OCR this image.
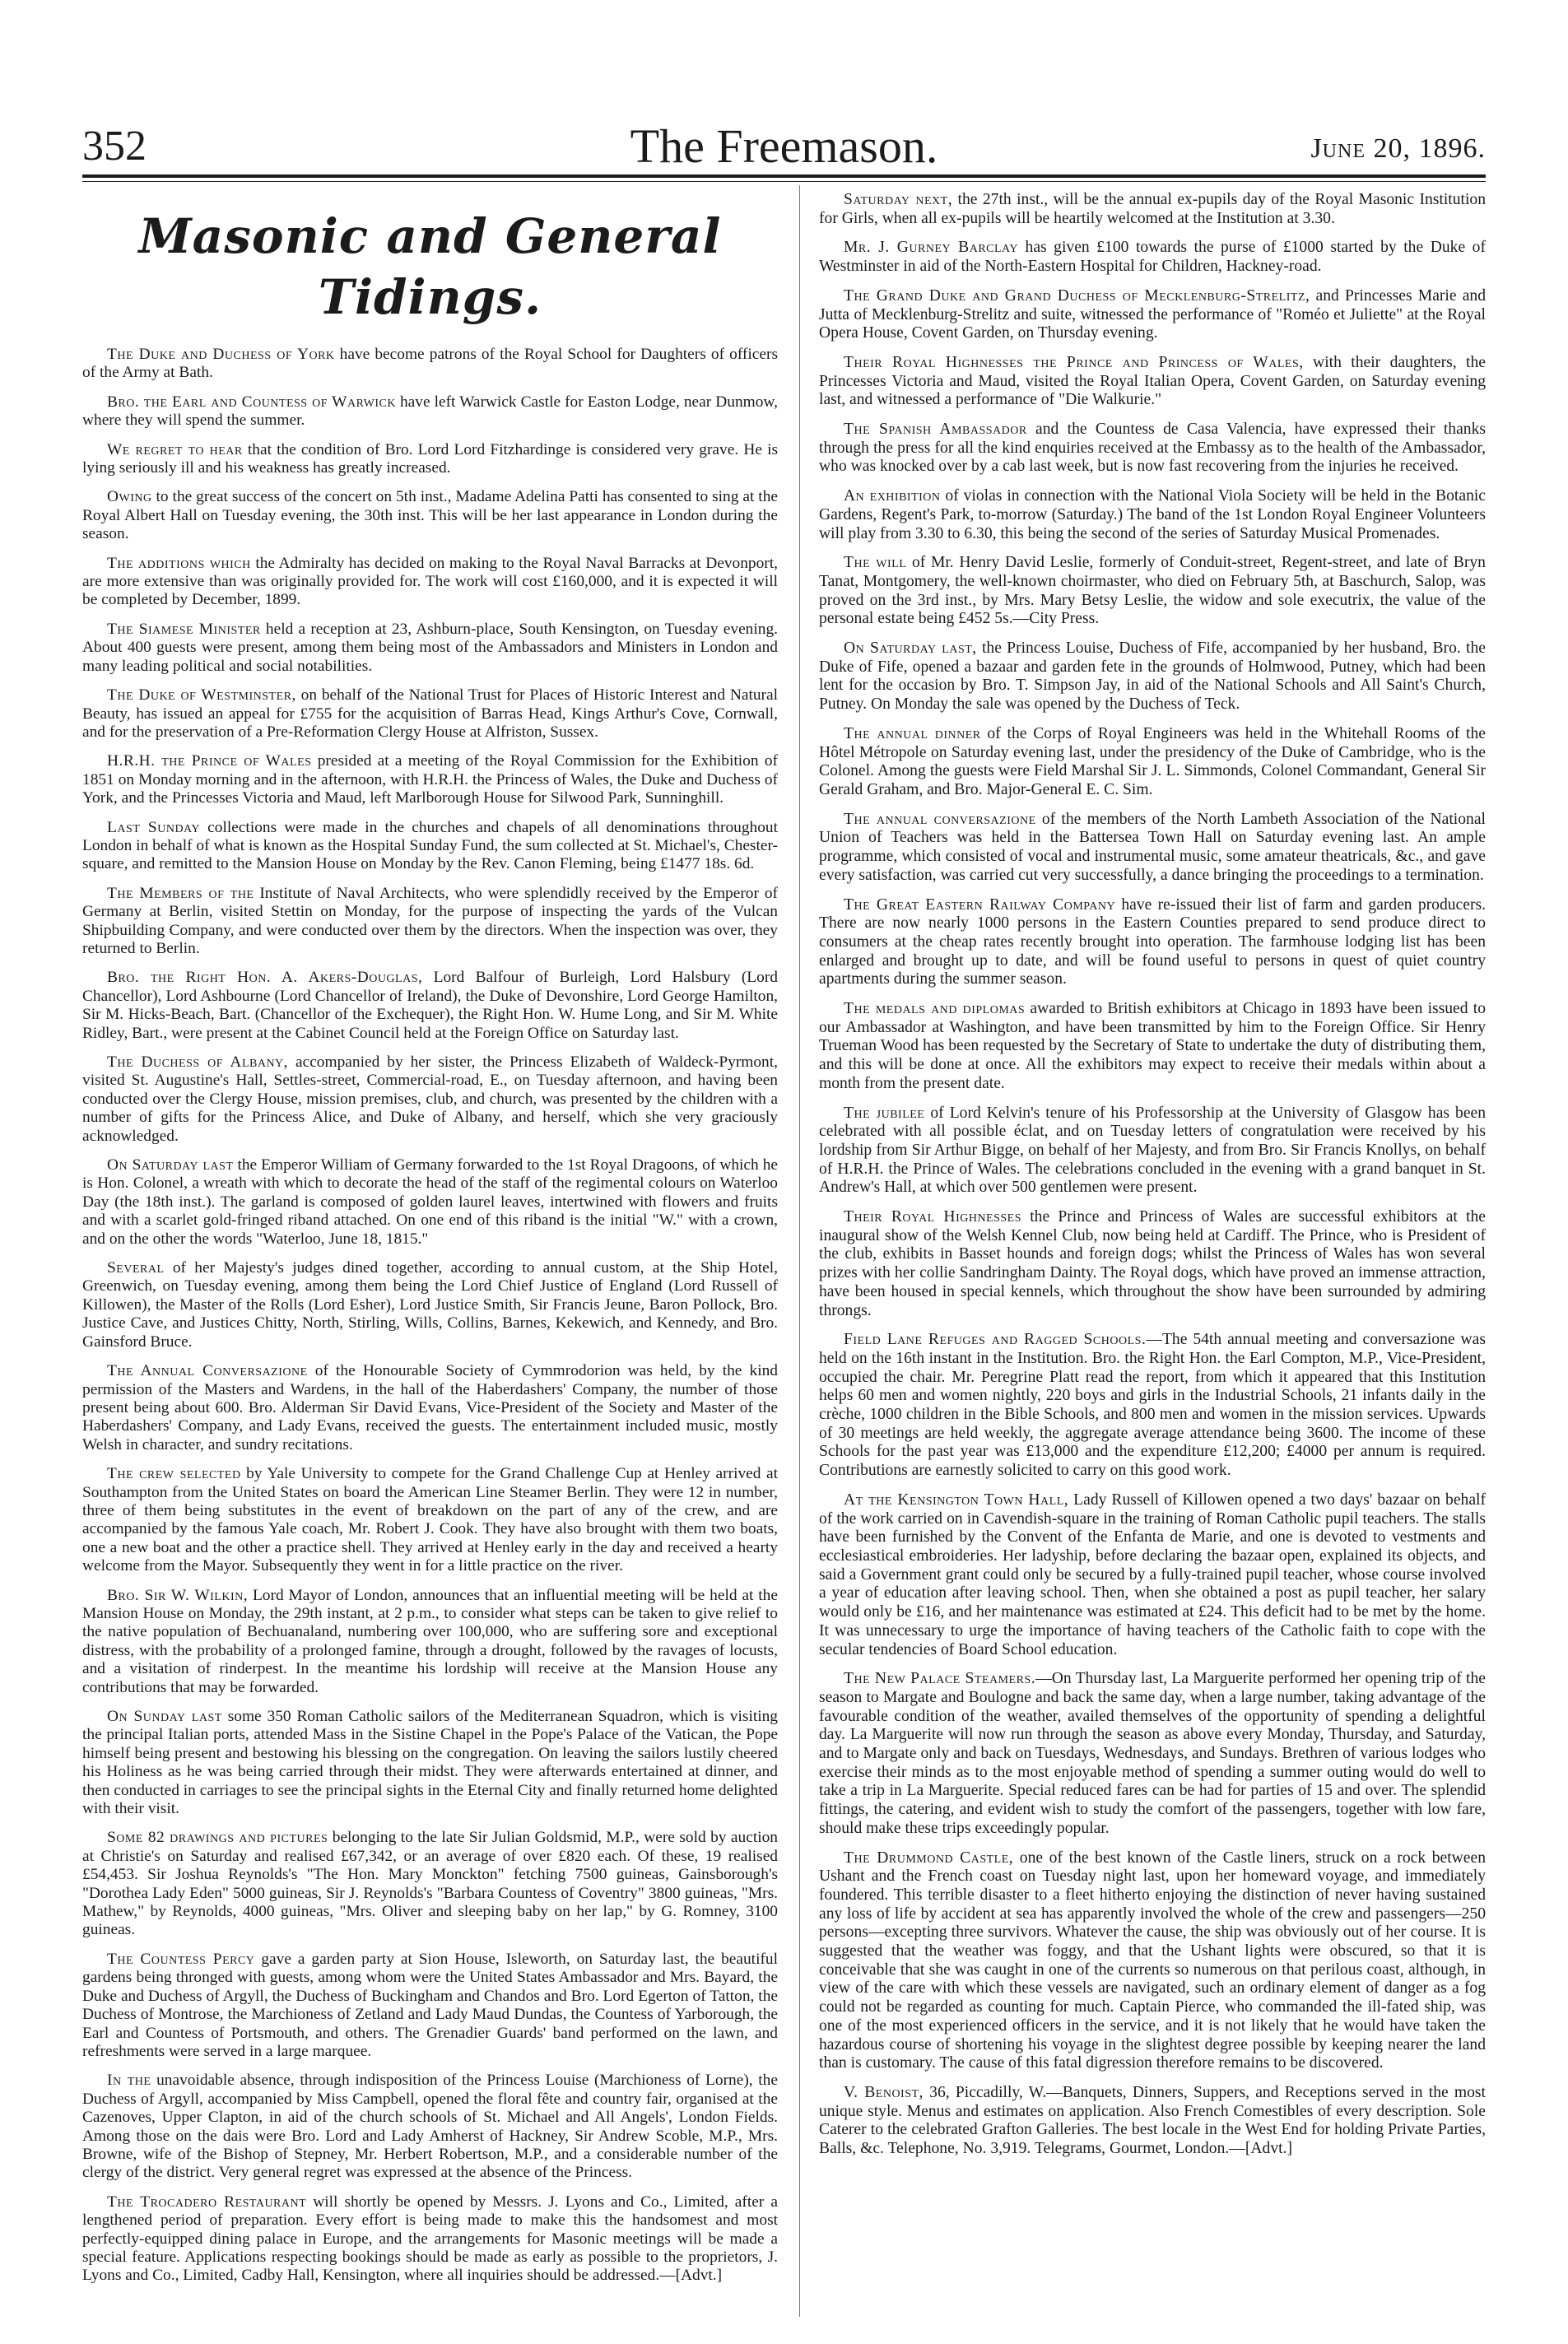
352	The Freemason.	June 20, 1896.
Masonic and General Tidings.

The Duke and Duchess of York have become patrons of the Royal School for Daughters of officers of the Army at Bath.

Bro. the Earl and Countess of Warwick have left Warwick Castle for Easton Lodge, near Dunmow, where they will spend the summer.

We regret to hear that the condition of Bro. Lord Lord Fitzhardinge is considered very grave. He is lying seriously ill and his weakness has greatly increased.

Owing to the great success of the concert on 5th inst., Madame Adelina Patti has consented to sing at the Royal Albert Hall on Tuesday evening, the 30th inst. This will be her last appearance in London during the season.

The additions which the Admiralty has decided on making to the Royal Naval Barracks at Devonport, are more extensive than was originally provided for. The work will cost £160,000, and it is expected it will be completed by December, 1899.

The Siamese Minister held a reception at 23, Ashburn-place, South Kensington, on Tuesday evening. About 400 guests were present, among them being most of the Ambassadors and Ministers in London and many leading political and social notabilities.

The Duke of Westminster, on behalf of the National Trust for Places of Historic Interest and Natural Beauty, has issued an appeal for £755 for the acquisition of Barras Head, Kings Arthur's Cove, Cornwall, and for the preservation of a Pre-Reformation Clergy House at Alfriston, Sussex.

H.R.H. the Prince of Wales presided at a meeting of the Royal Commission for the Exhibition of 1851 on Monday morning and in the afternoon, with H.R.H. the Princess of Wales, the Duke and Duchess of York, and the Princesses Victoria and Maud, left Marlborough House for Silwood Park, Sunninghill.

Last Sunday collections were made in the churches and chapels of all denominations throughout London in behalf of what is known as the Hospital Sunday Fund, the sum collected at St. Michael's, Chester-square, and remitted to the Mansion House on Monday by the Rev. Canon Fleming, being £1477 18s. 6d.

The Members of the Institute of Naval Architects, who were splendidly received by the Emperor of Germany at Berlin, visited Stettin on Monday, for the purpose of inspecting the yards of the Vulcan Shipbuilding Company, and were conducted over them by the directors. When the inspection was over, they returned to Berlin.

Bro. the Right Hon. A. Akers-Douglas, Lord Balfour of Burleigh, Lord Halsbury (Lord Chancellor), Lord Ashbourne (Lord Chancellor of Ireland), the Duke of Devonshire, Lord George Hamilton, Sir M. Hicks-Beach, Bart. (Chancellor of the Exchequer), the Right Hon. W. Hume Long, and Sir M. White Ridley, Bart., were present at the Cabinet Council held at the Foreign Office on Saturday last.

The Duchess of Albany, accompanied by her sister, the Princess Elizabeth of Waldeck-Pyrmont, visited St. Augustine's Hall, Settles-street, Commercial-road, E., on Tuesday afternoon, and having been conducted over the Clergy House, mission premises, club, and church, was presented by the children with a number of gifts for the Princess Alice, and Duke of Albany, and herself, which she very graciously acknowledged.

On Saturday last the Emperor William of Germany forwarded to the 1st Royal Dragoons, of which he is Hon. Colonel, a wreath with which to decorate the head of the staff of the regimental colours on Waterloo Day (the 18th inst.). The garland is composed of golden laurel leaves, intertwined with flowers and fruits and with a scarlet gold-fringed riband attached. On one end of this riband is the initial "W." with a crown, and on the other the words "Waterloo, June 18, 1815."

Several of her Majesty's judges dined together, according to annual custom, at the Ship Hotel, Greenwich, on Tuesday evening, among them being the Lord Chief Justice of England (Lord Russell of Killowen), the Master of the Rolls (Lord Esher), Lord Justice Smith, Sir Francis Jeune, Baron Pollock, Bro. Justice Cave, and Justices Chitty, North, Stirling, Wills, Collins, Barnes, Kekewich, and Kennedy, and Bro. Gainsford Bruce.

The Annual Conversazione of the Honourable Society of Cymmrodorion was held, by the kind permission of the Masters and Wardens, in the hall of the Haberdashers' Company, the number of those present being about 600. Bro. Alderman Sir David Evans, Vice-President of the Society and Master of the Haberdashers' Company, and Lady Evans, received the guests. The entertainment included music, mostly Welsh in character, and sundry recitations.

The crew selected by Yale University to compete for the Grand Challenge Cup at Henley arrived at Southampton from the United States on board the American Line Steamer Berlin. They were 12 in number, three of them being substitutes in the event of breakdown on the part of any of the crew, and are accompanied by the famous Yale coach, Mr. Robert J. Cook. They have also brought with them two boats, one a new boat and the other a practice shell. They arrived at Henley early in the day and received a hearty welcome from the Mayor. Subsequently they went in for a little practice on the river.

Bro. Sir W. Wilkin, Lord Mayor of London, announces that an influential meeting will be held at the Mansion House on Monday, the 29th instant, at 2 p.m., to consider what steps can be taken to give relief to the native population of Bechuanaland, numbering over 100,000, who are suffering sore and exceptional distress, with the probability of a prolonged famine, through a drought, followed by the ravages of locusts, and a visitation of rinderpest. In the meantime his lordship will receive at the Mansion House any contributions that may be forwarded.

On Sunday last some 350 Roman Catholic sailors of the Mediterranean Squadron, which is visiting the principal Italian ports, attended Mass in the Sistine Chapel in the Pope's Palace of the Vatican, the Pope himself being present and bestowing his blessing on the congregation. On leaving the sailors lustily cheered his Holiness as he was being carried through their midst. They were afterwards entertained at dinner, and then conducted in carriages to see the principal sights in the Eternal City and finally returned home delighted with their visit.

Some 82 drawings and pictures belonging to the late Sir Julian Goldsmid, M.P., were sold by auction at Christie's on Saturday and realised £67,342, or an average of over £820 each. Of these, 19 realised £54,453. Sir Joshua Reynolds's "The Hon. Mary Monckton" fetching 7500 guineas, Gainsborough's "Dorothea Lady Eden" 5000 guineas, Sir J. Reynolds's "Barbara Countess of Coventry" 3800 guineas, "Mrs. Mathew," by Reynolds, 4000 guineas, "Mrs. Oliver and sleeping baby on her lap," by G. Romney, 3100 guineas.

The Countess Percy gave a garden party at Sion House, Isleworth, on Saturday last, the beautiful gardens being thronged with guests, among whom were the United States Ambassador and Mrs. Bayard, the Duke and Duchess of Argyll, the Duchess of Buckingham and Chandos and Bro. Lord Egerton of Tatton, the Duchess of Montrose, the Marchioness of Zetland and Lady Maud Dundas, the Countess of Yarborough, the Earl and Countess of Portsmouth, and others. The Grenadier Guards' band performed on the lawn, and refreshments were served in a large marquee.

In the unavoidable absence, through indisposition of the Princess Louise (Marchioness of Lorne), the Duchess of Argyll, accompanied by Miss Campbell, opened the floral fête and country fair, organised at the Cazenoves, Upper Clapton, in aid of the church schools of St. Michael and All Angels', London Fields. Among those on the dais were Bro. Lord and Lady Amherst of Hackney, Sir Andrew Scoble, M.P., Mrs. Browne, wife of the Bishop of Stepney, Mr. Herbert Robertson, M.P., and a considerable number of the clergy of the district. Very general regret was expressed at the absence of the Princess.

The Trocadero Restaurant will shortly be opened by Messrs. J. Lyons and Co., Limited, after a lengthened period of preparation. Every effort is being made to make this the handsomest and most perfectly-equipped dining palace in Europe, and the arrangements for Masonic meetings will be made a special feature. Applications respecting bookings should be made as early as possible to the proprietors, J. Lyons and Co., Limited, Cadby Hall, Kensington, where all inquiries should be addressed.—[Advt.]

Saturday next, the 27th inst., will be the annual ex-pupils day of the Royal Masonic Institution for Girls, when all ex-pupils will be heartily welcomed at the Institution at 3.30.

Mr. J. Gurney Barclay has given £100 towards the purse of £1000 started by the Duke of Westminster in aid of the North-Eastern Hospital for Children, Hackney-road.

The Grand Duke and Grand Duchess of Mecklenburg-Strelitz, and Princesses Marie and Jutta of Mecklenburg-Strelitz and suite, witnessed the performance of "Roméo et Juliette" at the Royal Opera House, Covent Garden, on Thursday evening.

Their Royal Highnesses the Prince and Princess of Wales, with their daughters, the Princesses Victoria and Maud, visited the Royal Italian Opera, Covent Garden, on Saturday evening last, and witnessed a performance of "Die Walkurie."

The Spanish Ambassador and the Countess de Casa Valencia, have expressed their thanks through the press for all the kind enquiries received at the Embassy as to the health of the Ambassador, who was knocked over by a cab last week, but is now fast recovering from the injuries he received.

An exhibition of violas in connection with the National Viola Society will be held in the Botanic Gardens, Regent's Park, to-morrow (Saturday.) The band of the 1st London Royal Engineer Volunteers will play from 3.30 to 6.30, this being the second of the series of Saturday Musical Promenades.

The will of Mr. Henry David Leslie, formerly of Conduit-street, Regent-street, and late of Bryn Tanat, Montgomery, the well-known choirmaster, who died on February 5th, at Baschurch, Salop, was proved on the 3rd inst., by Mrs. Mary Betsy Leslie, the widow and sole executrix, the value of the personal estate being £452 5s.—City Press.

On Saturday last, the Princess Louise, Duchess of Fife, accompanied by her husband, Bro. the Duke of Fife, opened a bazaar and garden fete in the grounds of Holmwood, Putney, which had been lent for the occasion by Bro. T. Simpson Jay, in aid of the National Schools and All Saint's Church, Putney. On Monday the sale was opened by the Duchess of Teck.

The annual dinner of the Corps of Royal Engineers was held in the Whitehall Rooms of the Hôtel Métropole on Saturday evening last, under the presidency of the Duke of Cambridge, who is the Colonel. Among the guests were Field Marshal Sir J. L. Simmonds, Colonel Commandant, General Sir Gerald Graham, and Bro. Major-General E. C. Sim.

The annual conversazione of the members of the North Lambeth Association of the National Union of Teachers was held in the Battersea Town Hall on Saturday evening last. An ample programme, which consisted of vocal and instrumental music, some amateur theatricals, &c., and gave every satisfaction, was carried cut very successfully, a dance bringing the proceedings to a termination.

The Great Eastern Railway Company have re-issued their list of farm and garden producers. There are now nearly 1000 persons in the Eastern Counties prepared to send produce direct to consumers at the cheap rates recently brought into operation. The farmhouse lodging list has been enlarged and brought up to date, and will be found useful to persons in quest of quiet country apartments during the summer season.

The medals and diplomas awarded to British exhibitors at Chicago in 1893 have been issued to our Ambassador at Washington, and have been transmitted by him to the Foreign Office. Sir Henry Trueman Wood has been requested by the Secretary of State to undertake the duty of distributing them, and this will be done at once. All the exhibitors may expect to receive their medals within about a month from the present date.

The jubilee of Lord Kelvin's tenure of his Professorship at the University of Glasgow has been celebrated with all possible éclat, and on Tuesday letters of congratulation were received by his lordship from Sir Arthur Bigge, on behalf of her Majesty, and from Bro. Sir Francis Knollys, on behalf of H.R.H. the Prince of Wales. The celebrations concluded in the evening with a grand banquet in St. Andrew's Hall, at which over 500 gentlemen were present.

Their Royal Highnesses the Prince and Princess of Wales are successful exhibitors at the inaugural show of the Welsh Kennel Club, now being held at Cardiff. The Prince, who is President of the club, exhibits in Basset hounds and foreign dogs; whilst the Princess of Wales has won several prizes with her collie Sandringham Dainty. The Royal dogs, which have proved an immense attraction, have been housed in special kennels, which throughout the show have been surrounded by admiring throngs.

Field Lane Refuges and Ragged Schools.—The 54th annual meeting and conversazione was held on the 16th instant in the Institution. Bro. the Right Hon. the Earl Compton, M.P., Vice-President, occupied the chair. Mr. Peregrine Platt read the report, from which it appeared that this Institution helps 60 men and women nightly, 220 boys and girls in the Industrial Schools, 21 infants daily in the crèche, 1000 children in the Bible Schools, and 800 men and women in the mission services. Upwards of 30 meetings are held weekly, the aggregate average attendance being 3600. The income of these Schools for the past year was £13,000 and the expenditure £12,200; £4000 per annum is required. Contributions are earnestly solicited to carry on this good work.

At the Kensington Town Hall, Lady Russell of Killowen opened a two days' bazaar on behalf of the work carried on in Cavendish-square in the training of Roman Catholic pupil teachers. The stalls have been furnished by the Convent of the Enfanta de Marie, and one is devoted to vestments and ecclesiastical embroideries. Her ladyship, before declaring the bazaar open, explained its objects, and said a Government grant could only be secured by a fully-trained pupil teacher, whose course involved a year of education after leaving school. Then, when she obtained a post as pupil teacher, her salary would only be £16, and her maintenance was estimated at £24. This deficit had to be met by the home. It was unnecessary to urge the importance of having teachers of the Catholic faith to cope with the secular tendencies of Board School education.

The New Palace Steamers.—On Thursday last, La Marguerite performed her opening trip of the season to Margate and Boulogne and back the same day, when a large number, taking advantage of the favourable condition of the weather, availed themselves of the opportunity of spending a delightful day. La Marguerite will now run through the season as above every Monday, Thursday, and Saturday, and to Margate only and back on Tuesdays, Wednesdays, and Sundays. Brethren of various lodges who exercise their minds as to the most enjoyable method of spending a summer outing would do well to take a trip in La Marguerite. Special reduced fares can be had for parties of 15 and over. The splendid fittings, the catering, and evident wish to study the comfort of the passengers, together with low fare, should make these trips exceedingly popular.

The Drummond Castle, one of the best known of the Castle liners, struck on a rock between Ushant and the French coast on Tuesday night last, upon her homeward voyage, and immediately foundered. This terrible disaster to a fleet hitherto enjoying the distinction of never having sustained any loss of life by accident at sea has apparently involved the whole of the crew and passengers—250 persons—excepting three survivors. Whatever the cause, the ship was obviously out of her course. It is suggested that the weather was foggy, and that the Ushant lights were obscured, so that it is conceivable that she was caught in one of the currents so numerous on that perilous coast, although, in view of the care with which these vessels are navigated, such an ordinary element of danger as a fog could not be regarded as counting for much. Captain Pierce, who commanded the ill-fated ship, was one of the most experienced officers in the service, and it is not likely that he would have taken the hazardous course of shortening his voyage in the slightest degree possible by keeping nearer the land than is customary. The cause of this fatal digression therefore remains to be discovered.

V. Benoist, 36, Piccadilly, W.—Banquets, Dinners, Suppers, and Receptions served in the most unique style. Menus and estimates on application. Also French Comestibles of every description. Sole Caterer to the celebrated Grafton Galleries. The best locale in the West End for holding Private Parties, Balls, &c. Telephone, No. 3,919. Telegrams, Gourmet, London.—[Advt.]
